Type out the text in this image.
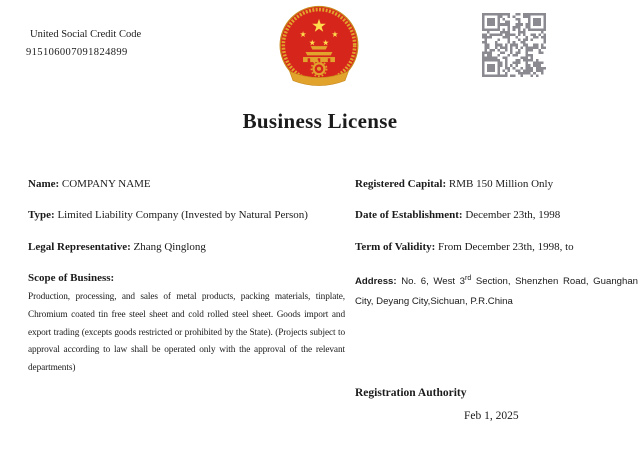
United Social Credit Code
915106007091824899
Business License
Name: COMPANY NAME
Type: Limited Liability Company (Invested by Natural Person)
Legal Representative: Zhang Qinglong
Scope of Business:
Production, processing, and sales of metal products, packing materials, tinplate, Chromium coated tin free steel sheet and cold rolled steel sheet. Goods import and export trading (excepts goods restricted or prohibited by the State). (Projects subject to approval according to law shall be operated only with the approval of the relevant departments)
Registered Capital: RMB 150 Million Only
Date of Establishment: December 23th, 1998
Term of Validity: From December 23th, 1998, to
Address: No. 6, West 3rd Section, Shenzhen Road, Guanghan City, Deyang City,Sichuan, P.R.China
Registration Authority
Feb 1, 2025
